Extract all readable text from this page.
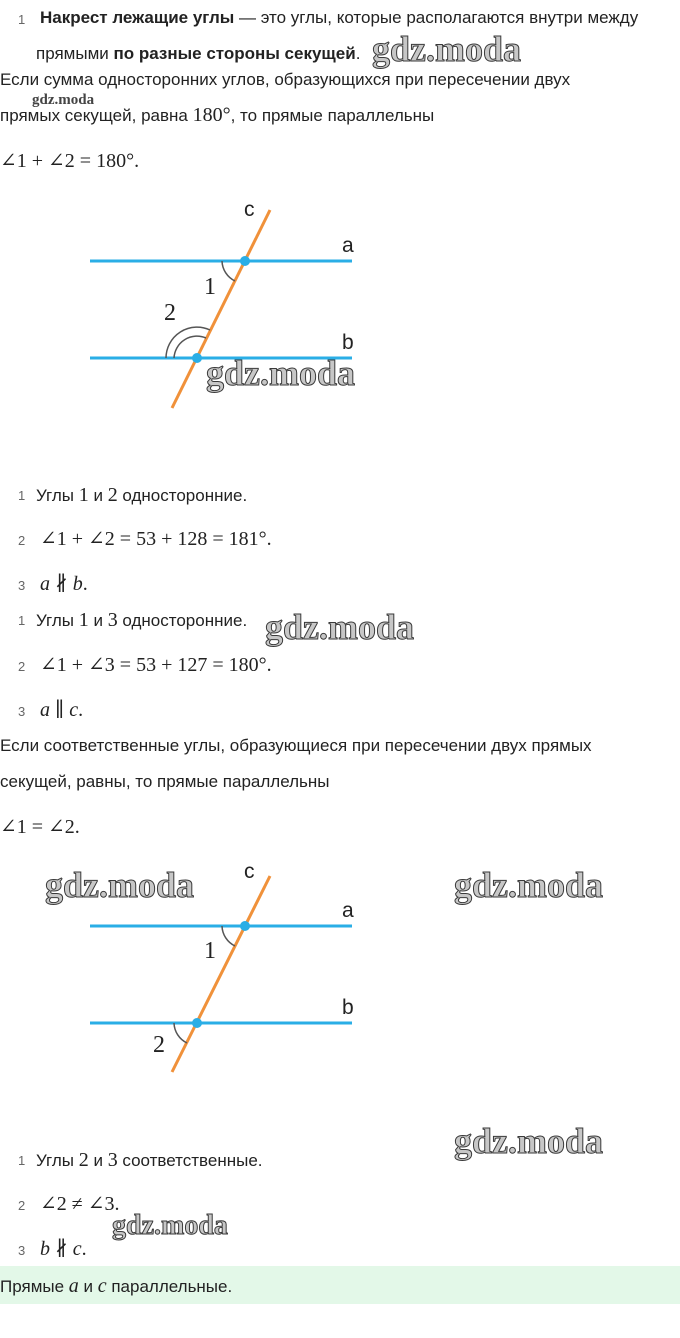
1 Накрест лежащие углы — это углы, которые располагаются внутри между
прямыми по разные стороны секущей. gdz.moda
Если сумма односторонних углов, образующихся при пересечении двух
gdz.moda
прямых секущей, равна 180°, то прямые параллельны
∠1 + ∠2 = 180°.
c
a
b
1
2
gdz.moda
1 Углы 1 и 2 односторонние.
2 ∠1 + ∠2 = 53 + 128 = 181°.
3 a ∦ b.
1 Углы 1 и 3 односторонние. gdz.moda
2 ∠1 + ∠3 = 53 + 127 = 180°.
3 a ∥ c.
Если соответственные углы, образующиеся при пересечении двух прямых
секущей, равны, то прямые параллельны
∠1 = ∠2.
c
a
b
1
2
gdz.moda	gdz.moda
gdz.moda
1 Углы 2 и 3 соответственные.
2 ∠2 ≠ ∠3.
gdz.moda
3 b ∦ c.
Прямые a и c параллельные.
